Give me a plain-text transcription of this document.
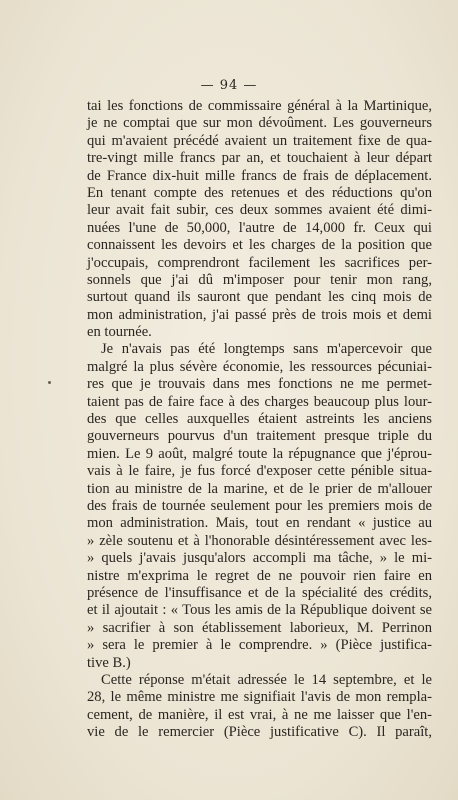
— 94 —
tai les fonctions de commissaire général à la Martinique,
je ne comptai que sur mon dévoûment. Les gouverneurs
qui m'avaient précédé avaient un traitement fixe de qua-
tre-vingt mille francs par an, et touchaient à leur départ
de France dix-huit mille francs de frais de déplacement.
En tenant compte des retenues et des réductions qu'on
leur avait fait subir, ces deux sommes avaient été dimi-
nuées l'une de 50,000, l'autre de 14,000 fr. Ceux qui
connaissent les devoirs et les charges de la position que
j'occupais, comprendront facilement les sacrifices per-
sonnels que j'ai dû m'imposer pour tenir mon rang,
surtout quand ils sauront que pendant les cinq mois de
mon administration, j'ai passé près de trois mois et demi
en tournée.
Je n'avais pas été longtemps sans m'apercevoir que
malgré la plus sévère économie, les ressources pécuniai-
res que je trouvais dans mes fonctions ne me permet-
taient pas de faire face à des charges beaucoup plus lour-
des que celles auxquelles étaient astreints les anciens
gouverneurs pourvus d'un traitement presque triple du
mien. Le 9 août, malgré toute la répugnance que j'éprou-
vais à le faire, je fus forcé d'exposer cette pénible situa-
tion au ministre de la marine, et de le prier de m'allouer
des frais de tournée seulement pour les premiers mois de
mon administration. Mais, tout en rendant « justice au
» zèle soutenu et à l'honorable désintéressement avec les-
» quels j'avais jusqu'alors accompli ma tâche, » le mi-
nistre m'exprima le regret de ne pouvoir rien faire en
présence de l'insuffisance et de la spécialité des crédits,
et il ajoutait : « Tous les amis de la République doivent se
» sacrifier à son établissement laborieux, M. Perrinon
» sera le premier à le comprendre. » (Pièce justifica-
tive B.)
Cette réponse m'était adressée le 14 septembre, et le
28, le même ministre me signifiait l'avis de mon rempla-
cement, de manière, il est vrai, à ne me laisser que l'en-
vie de le remercier (Pièce justificative C). Il paraît,
